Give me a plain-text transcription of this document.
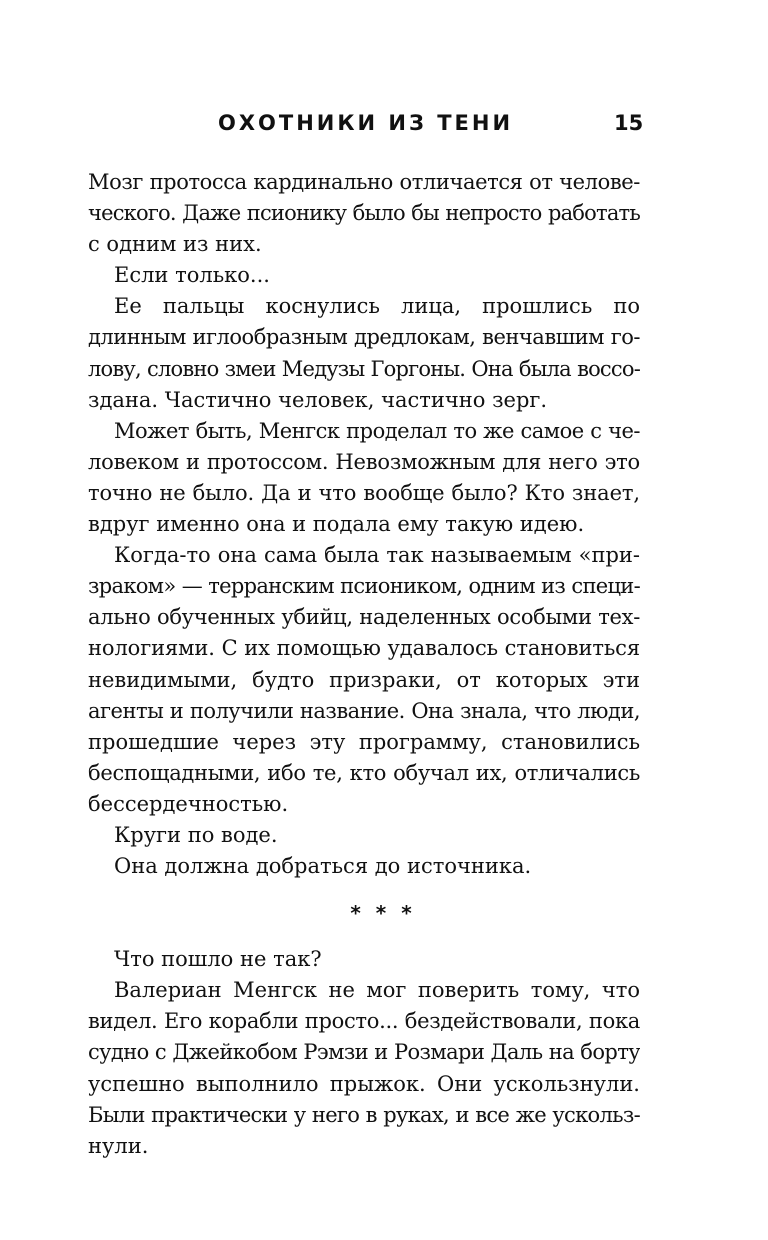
ОХОТНИКИ ИЗ ТЕНИ	15
Мозг протосса кардинально отличается от челове-
ческого. Даже псионику было бы непросто работать
с одним из них.
Если только...
Ее пальцы коснулись лица, прошлись по
длинным иглообразным дредлокам, венчавшим го-
лову, словно змеи Медузы Горгоны. Она была воссо-
здана. Частично человек, частично зерг.
Может быть, Менгск проделал то же самое с че-
ловеком и протоссом. Невозможным для него это
точно не было. Да и что вообще было? Кто знает,
вдруг именно она и подала ему такую идею.
Когда-то она сама была так называемым «при-
зраком» — терранским псиоником, одним из специ-
ально обученных убийц, наделенных особыми тех-
нологиями. С их помощью удавалось становиться
невидимыми, будто призраки, от которых эти
агенты и получили название. Она знала, что люди,
прошедшие через эту программу, становились
беспощадными, ибо те, кто обучал их, отличались
бессердечностью.
Круги по воде.
Она должна добраться до источника.
* * *
Что пошло не так?
Валериан Менгск не мог поверить тому, что
видел. Его корабли просто... бездействовали, пока
судно с Джейкобом Рэмзи и Розмари Даль на борту
успешно выполнило прыжок. Они ускользнули.
Были практически у него в руках, и все же ускольз-
нули.
